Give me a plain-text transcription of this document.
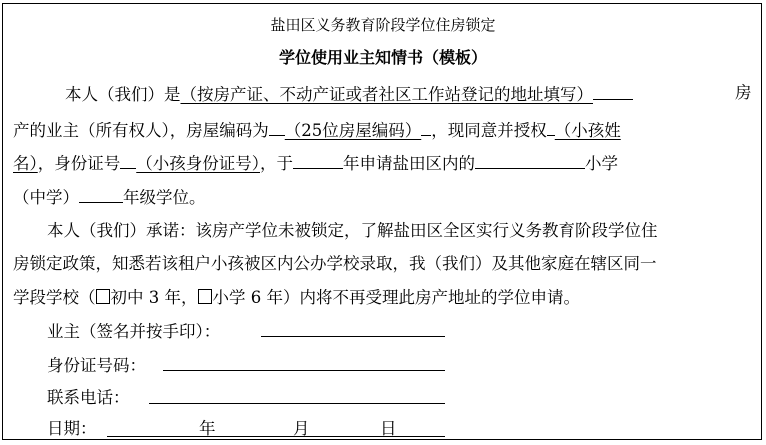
盐田区义务教育阶段学位住房锁定
学位使用业主知情书（模板）
本人（我们）是（按房产证、不动产证或者社区工作站登记的地址填写）	房
产的业主（所有权人），房屋编码为 （25位房屋编码） ，现同意并授权 （小孩姓
名），身份证号 （小孩身份证号），于	年申请盐田区内的	小学
（中学）	年级学位。
本人（我们）承诺：该房产学位未被锁定，了解盐田区全区实行义务教育阶段学位住
房锁定政策，知悉若该租户小孩被区内公办学校录取，我（我们）及其他家庭在辖区同一
学段学校（ 初中 3 年， 小学 6 年）内将不再受理此房产地址的学位申请。
业主（签名并按手印）：
身份证号码：
联系电话：
日期：	年	月	日
